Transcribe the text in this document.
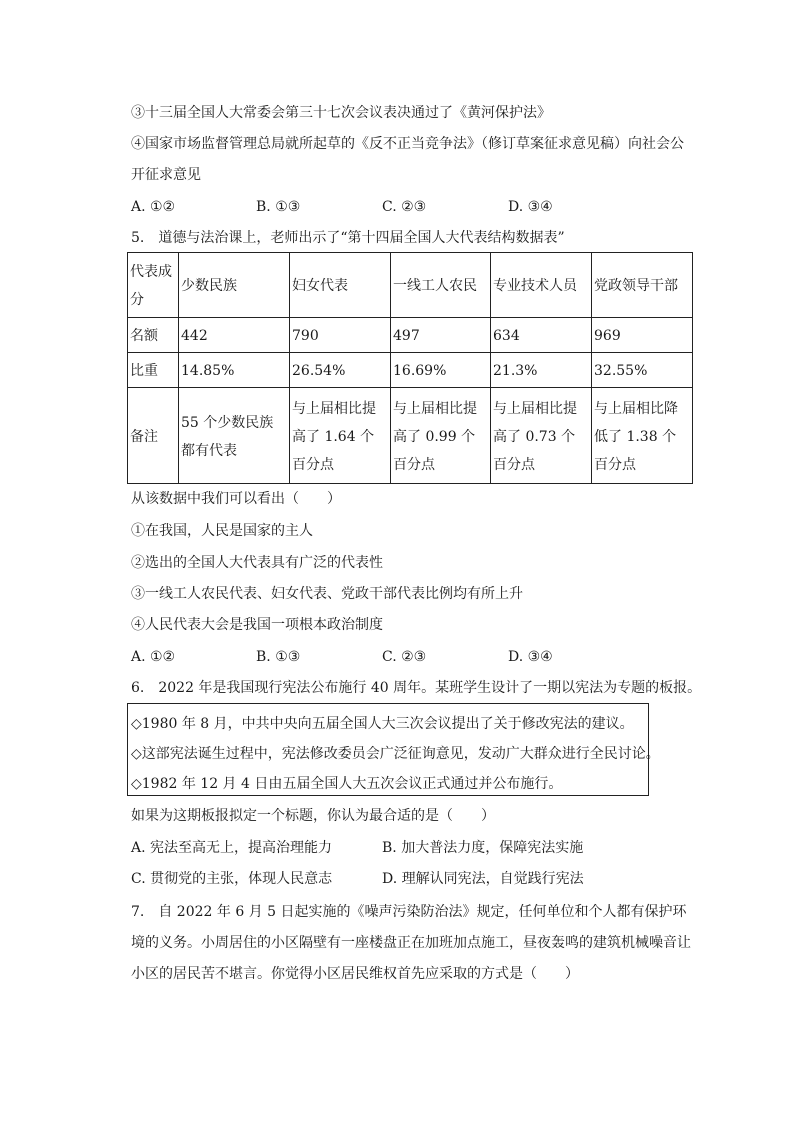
③十三届全国人大常委会第三十七次会议表决通过了《黄河保护法》
④国家市场监督管理总局就所起草的《反不正当竞争法》（修订草案征求意见稿）向社会公
开征求意见
A. ①②	B. ①③	C. ②③	D. ③④
5.　道德与法治课上，老师出示了“第十四届全国人大代表结构数据表”
代表成分	少数民族	妇女代表	一线工人农民	专业技术人员	党政领导干部
名额	442	790	497	634	969
比重	14.85%	26.54%	16.69%	21.3%	32.55%
备注	55 个少数民族都有代表	与上届相比提高了 1.64 个百分点	与上届相比提高了 0.99 个百分点	与上届相比提高了 0.73 个百分点	与上届相比降低了 1.38 个百分点
从该数据中我们可以看出（　　）
①在我国，人民是国家的主人
②选出的全国人大代表具有广泛的代表性
③一线工人农民代表、妇女代表、党政干部代表比例均有所上升
④人民代表大会是我国一项根本政治制度
A. ①②	B. ①③	C. ②③	D. ③④
6.　2022 年是我国现行宪法公布施行 40 周年。某班学生设计了一期以宪法为专题的板报。
◇1980 年 8 月，中共中央向五届全国人大三次会议提出了关于修改宪法的建议。
◇这部宪法诞生过程中，宪法修改委员会广泛征询意见，发动广大群众进行全民讨论。
◇1982 年 12 月 4 日由五届全国人大五次会议正式通过并公布施行。
如果为这期板报拟定一个标题，你认为最合适的是（　　）
A. 宪法至高无上，提高治理能力	B. 加大普法力度，保障宪法实施
C. 贯彻党的主张，体现人民意志	D. 理解认同宪法，自觉践行宪法
7.　自 2022 年 6 月 5 日起实施的《噪声污染防治法》规定，任何单位和个人都有保护环境的义务。小周居住的小区隔壁有一座楼盘正在加班加点施工，昼夜轰鸣的建筑机械噪音让小区的居民苦不堪言。你觉得小区居民维权首先应采取的方式是（　　）
